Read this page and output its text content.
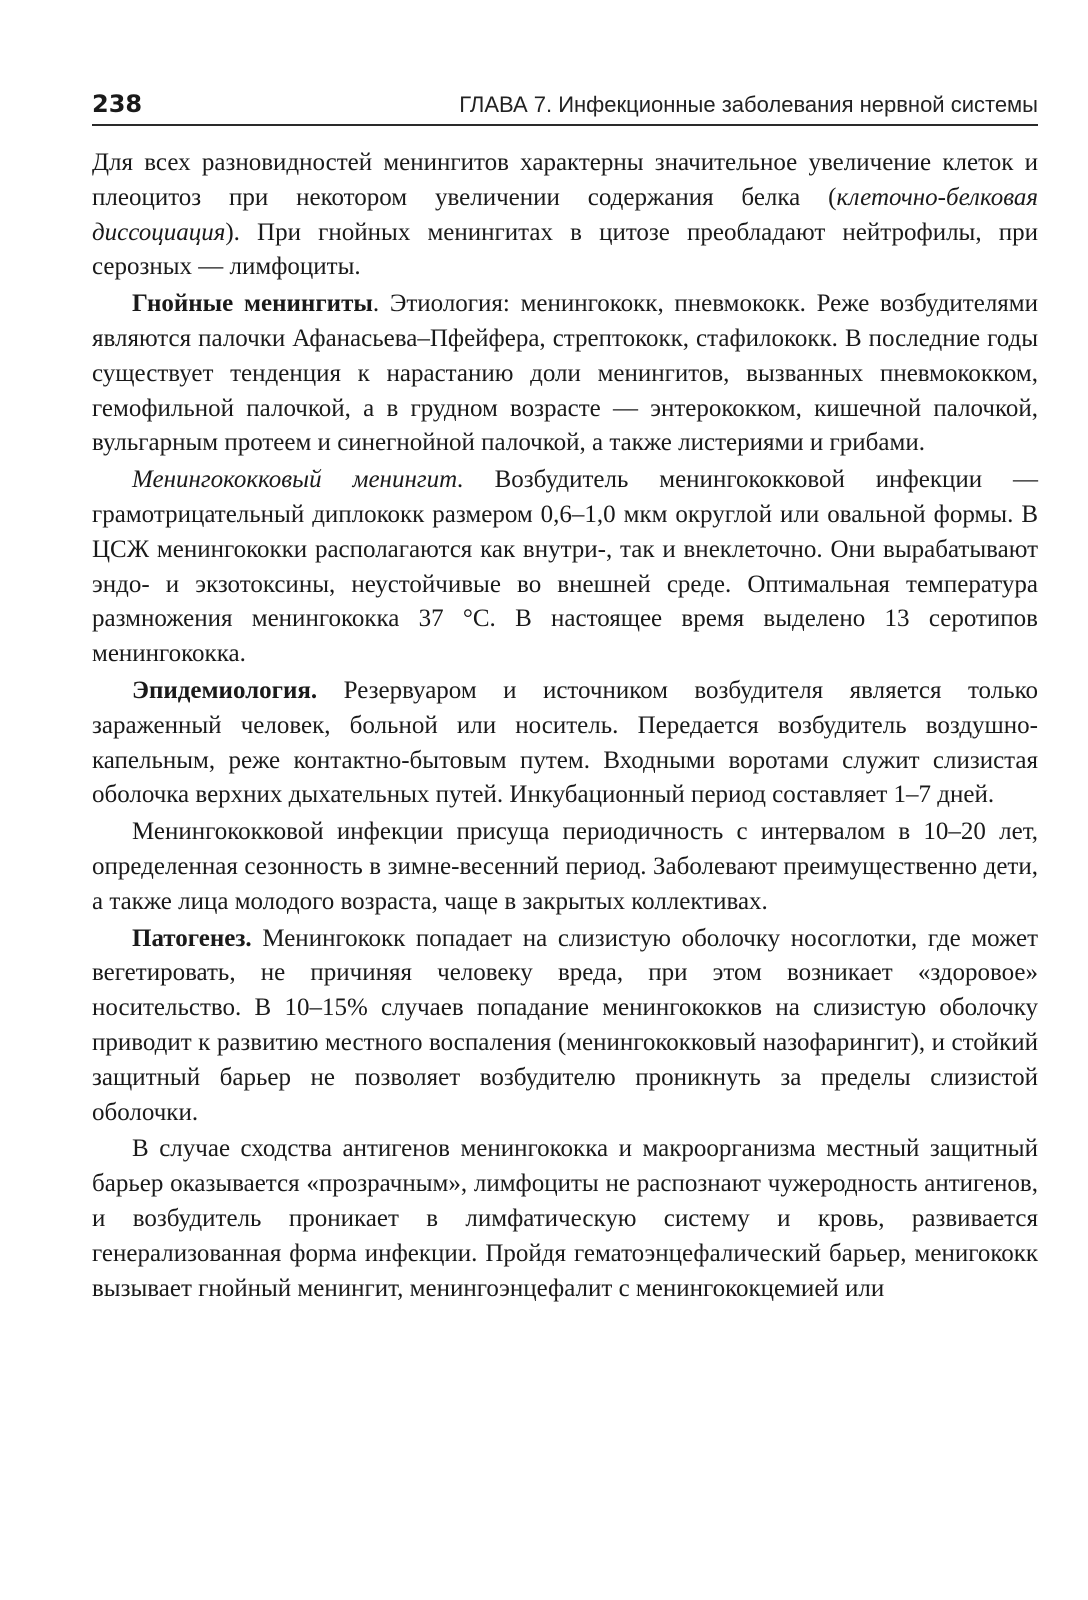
238	ГЛАВА 7. Инфекционные заболевания нервной системы

Для всех разновидностей менингитов характерны значительное увеличение клеток и плеоцитоз при некотором увеличении содержания белка (клеточно-белковая диссоциация). При гнойных менингитах в цитозе преобладают нейтрофилы, при серозных — лимфоциты.

Гнойные менингиты. Этиология: менингококк, пневмококк. Реже возбудителями являются палочки Афанасьева–Пфейфера, стрептококк, стафилококк. В последние годы существует тенденция к нарастанию доли менингитов, вызванных пневмококком, гемофильной палочкой, а в грудном возрасте — энтерококком, кишечной палочкой, вульгарным протеем и синегнойной палочкой, а также листериями и грибами.

Менингококковый менингит. Возбудитель менингококковой инфекции — грамотрицательный диплококк размером 0,6–1,0 мкм округлой или овальной формы. В ЦСЖ менингококки располагаются как внутри-, так и внеклеточно. Они вырабатывают эндо- и экзотоксины, неустойчивые во внешней среде. Оптимальная температура размножения менингококка 37 °С. В настоящее время выделено 13 серотипов менингококка.

Эпидемиология. Резервуаром и источником возбудителя является только зараженный человек, больной или носитель. Передается возбудитель воздушно-капельным, реже контактно-бытовым путем. Входными воротами служит слизистая оболочка верхних дыхательных путей. Инкубационный период составляет 1–7 дней.

Менингококковой инфекции присуща периодичность с интервалом в 10–20 лет, определенная сезонность в зимне-весенний период. Заболевают преимущественно дети, а также лица молодого возраста, чаще в закрытых коллективах.

Патогенез. Менингококк попадает на слизистую оболочку носоглотки, где может вегетировать, не причиняя человеку вреда, при этом возникает «здоровое» носительство. В 10–15% случаев попадание менингококков на слизистую оболочку приводит к развитию местного воспаления (менингококковый назофарингит), и стойкий защитный барьер не позволяет возбудителю проникнуть за пределы слизистой оболочки.

В случае сходства антигенов менингококка и макроорганизма местный защитный барьер оказывается «прозрачным», лимфоциты не распознают чужеродность антигенов, и возбудитель проникает в лимфатическую систему и кровь, развивается генерализованная форма инфекции. Пройдя гематоэнцефалический барьер, менигококк вызывает гнойный менингит, менингоэнцефалит с менингококцемией или
